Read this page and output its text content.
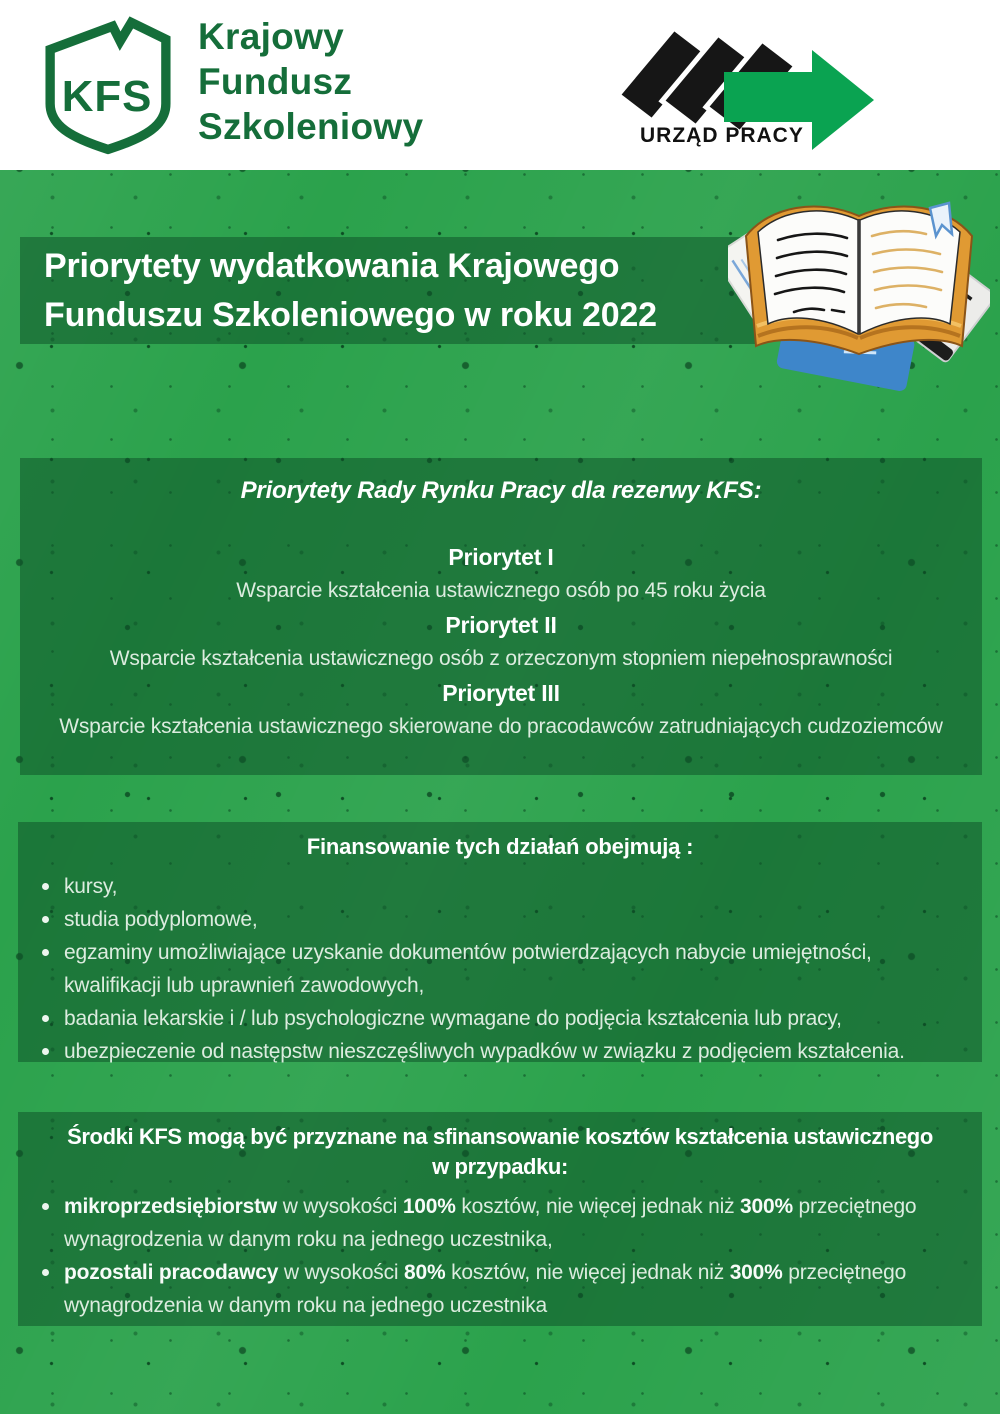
KFS
Krajowy
Fundusz
Szkoleniowy	URZĄD PRACY
Priorytety wydatkowania Krajowego
Funduszu Szkoleniowego w roku 2022
Priorytety Rady Rynku Pracy dla rezerwy KFS:
Priorytet I
Wsparcie kształcenia ustawicznego osób po 45 roku życia
Priorytet II
Wsparcie kształcenia ustawicznego osób z orzeczonym stopniem niepełnosprawności
Priorytet III
Wsparcie kształcenia ustawicznego skierowane do pracodawców zatrudniających cudzoziemców
Finansowanie tych działań obejmują :
kursy,
studia podyplomowe,
egzaminy umożliwiające uzyskanie dokumentów potwierdzających nabycie umiejętności, kwalifikacji lub uprawnień zawodowych,
badania lekarskie i / lub psychologiczne wymagane do podjęcia kształcenia lub pracy,
ubezpieczenie od następstw nieszczęśliwych wypadków w związku z podjęciem kształcenia.
Środki KFS mogą być przyznane na sfinansowanie kosztów kształcenia ustawicznego
w przypadku:
mikroprzedsiębiorstw w wysokości 100% kosztów, nie więcej jednak niż 300% przeciętnego wynagrodzenia w danym roku na jednego uczestnika,
pozostali pracodawcy w wysokości 80% kosztów, nie więcej jednak niż 300% przeciętnego wynagrodzenia w danym roku na jednego uczestnika
